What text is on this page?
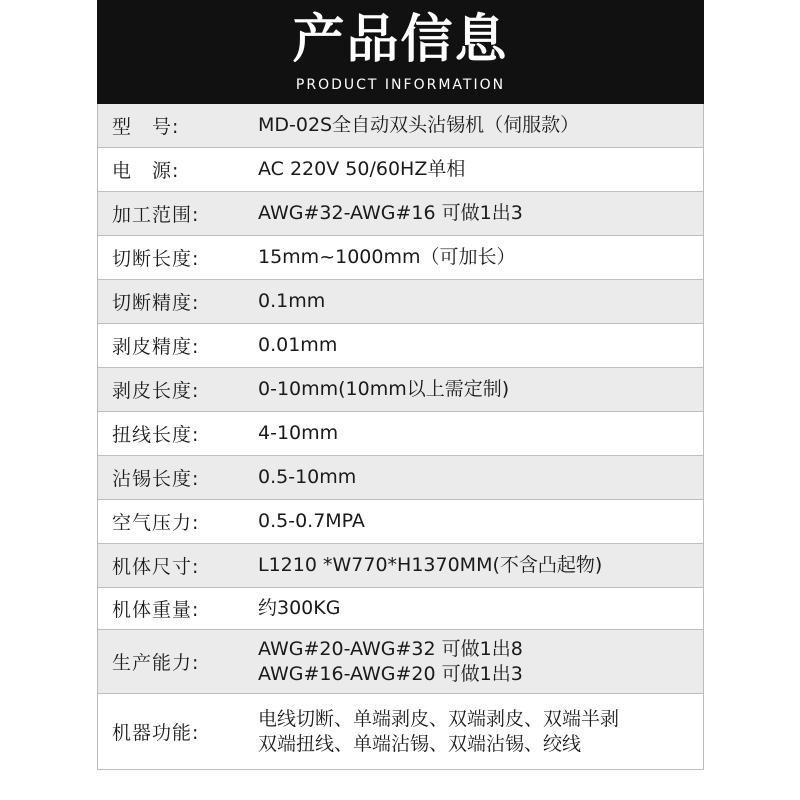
产品信息
PRODUCT INFORMATION
型　号:	MD-02S全自动双头沾锡机（伺服款）
电　源:	AC 220V 50/60HZ单相
加工范围:	AWG#32-AWG#16 可做1出3
切断长度:	15mm~1000mm（可加长）
切断精度:	0.1mm
剥皮精度:	0.01mm
剥皮长度:	0-10mm(10mm以上需定制)
扭线长度:	4-10mm
沾锡长度:	0.5-10mm
空气压力:	0.5-0.7MPA
机体尺寸:	L1210 *W770*H1370MM(不含凸起物)
机体重量:	约300KG
生产能力:
AWG#20-AWG#32 可做1出8
AWG#16-AWG#20 可做1出3
机器功能:
电线切断、单端剥皮、双端剥皮、双端半剥
双端扭线、单端沾锡、双端沾锡、绞线
